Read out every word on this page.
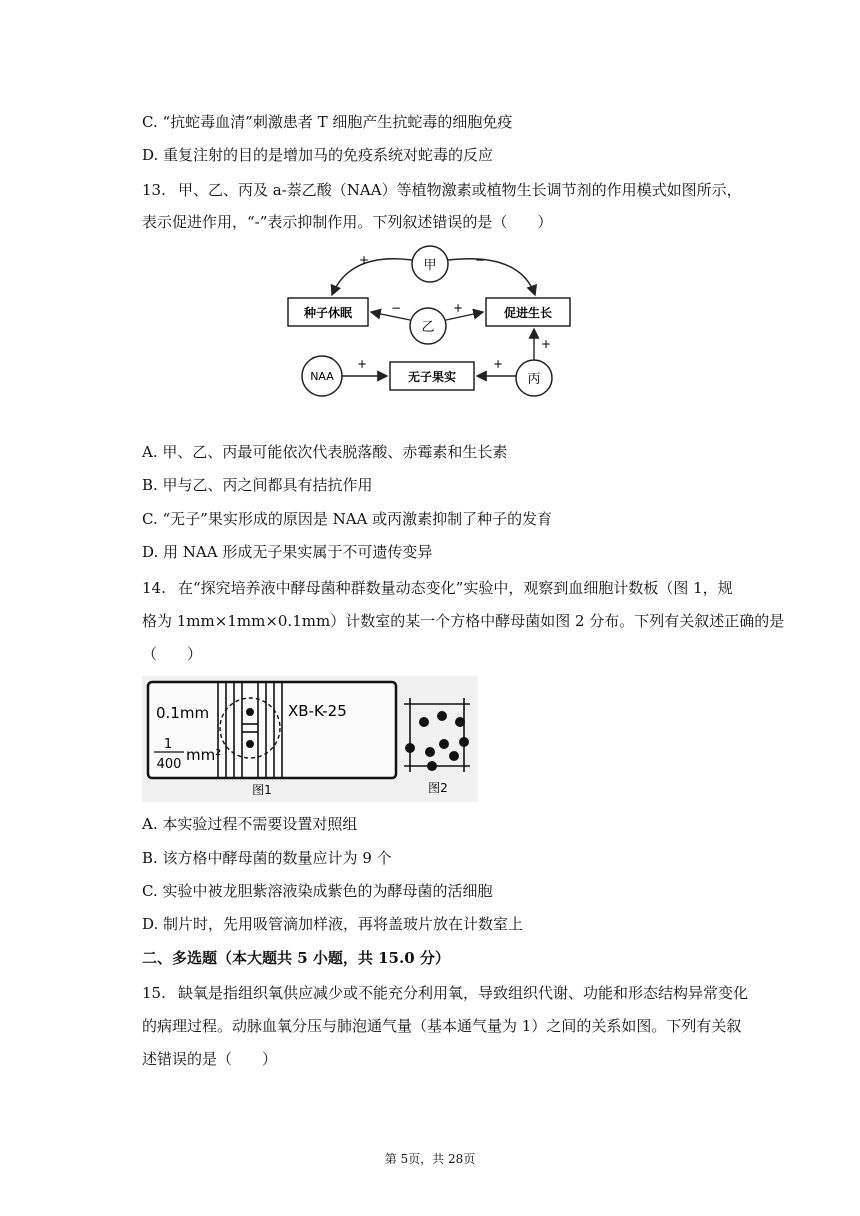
C. “抗蛇毒血清”刺激患者 T 细胞产生抗蛇毒的细胞免疫
D. 重复注射的目的是增加马的免疫系统对蛇毒的反应
13. 甲、乙、丙及 a-萘乙酸（NAA）等植物激素或植物生长调节剂的作用模式如图所示，
表示促进作用，“-”表示抑制作用。下列叙述错误的是（　　）
甲
+	−
种子休眠	促进生长
乙
−	+
NAA	无子果实
+
丙
+
+
A. 甲、乙、丙最可能依次代表脱落酸、赤霉素和生长素
B. 甲与乙、丙之间都具有拮抗作用
C. “无子”果实形成的原因是 NAA 或丙激素抑制了种子的发育
D. 用 NAA 形成无子果实属于不可遗传变异
14. 在“探究培养液中酵母菌种群数量动态变化”实验中，观察到血细胞计数板（图 1，规
格为 1mm×1mm×0.1mm）计数室的某一个方格中酵母菌如图 2 分布。下列有关叙述正确的是
（　　）
0.1mm
1
400
mm²
XB-K-25
图1	图2
A. 本实验过程不需要设置对照组
B. 该方格中酵母菌的数量应计为 9 个
C. 实验中被龙胆紫溶液染成紫色的为酵母菌的活细胞
D. 制片时，先用吸管滴加样液，再将盖玻片放在计数室上
二、多选题（本大题共 5 小题，共 15.0 分）
15. 缺氧是指组织氧供应减少或不能充分利用氧，导致组织代谢、功能和形态结构异常变化
的病理过程。动脉血氧分压与肺泡通气量（基本通气量为 1）之间的关系如图。下列有关叙
述错误的是（　　）
第 5页，共 28页
